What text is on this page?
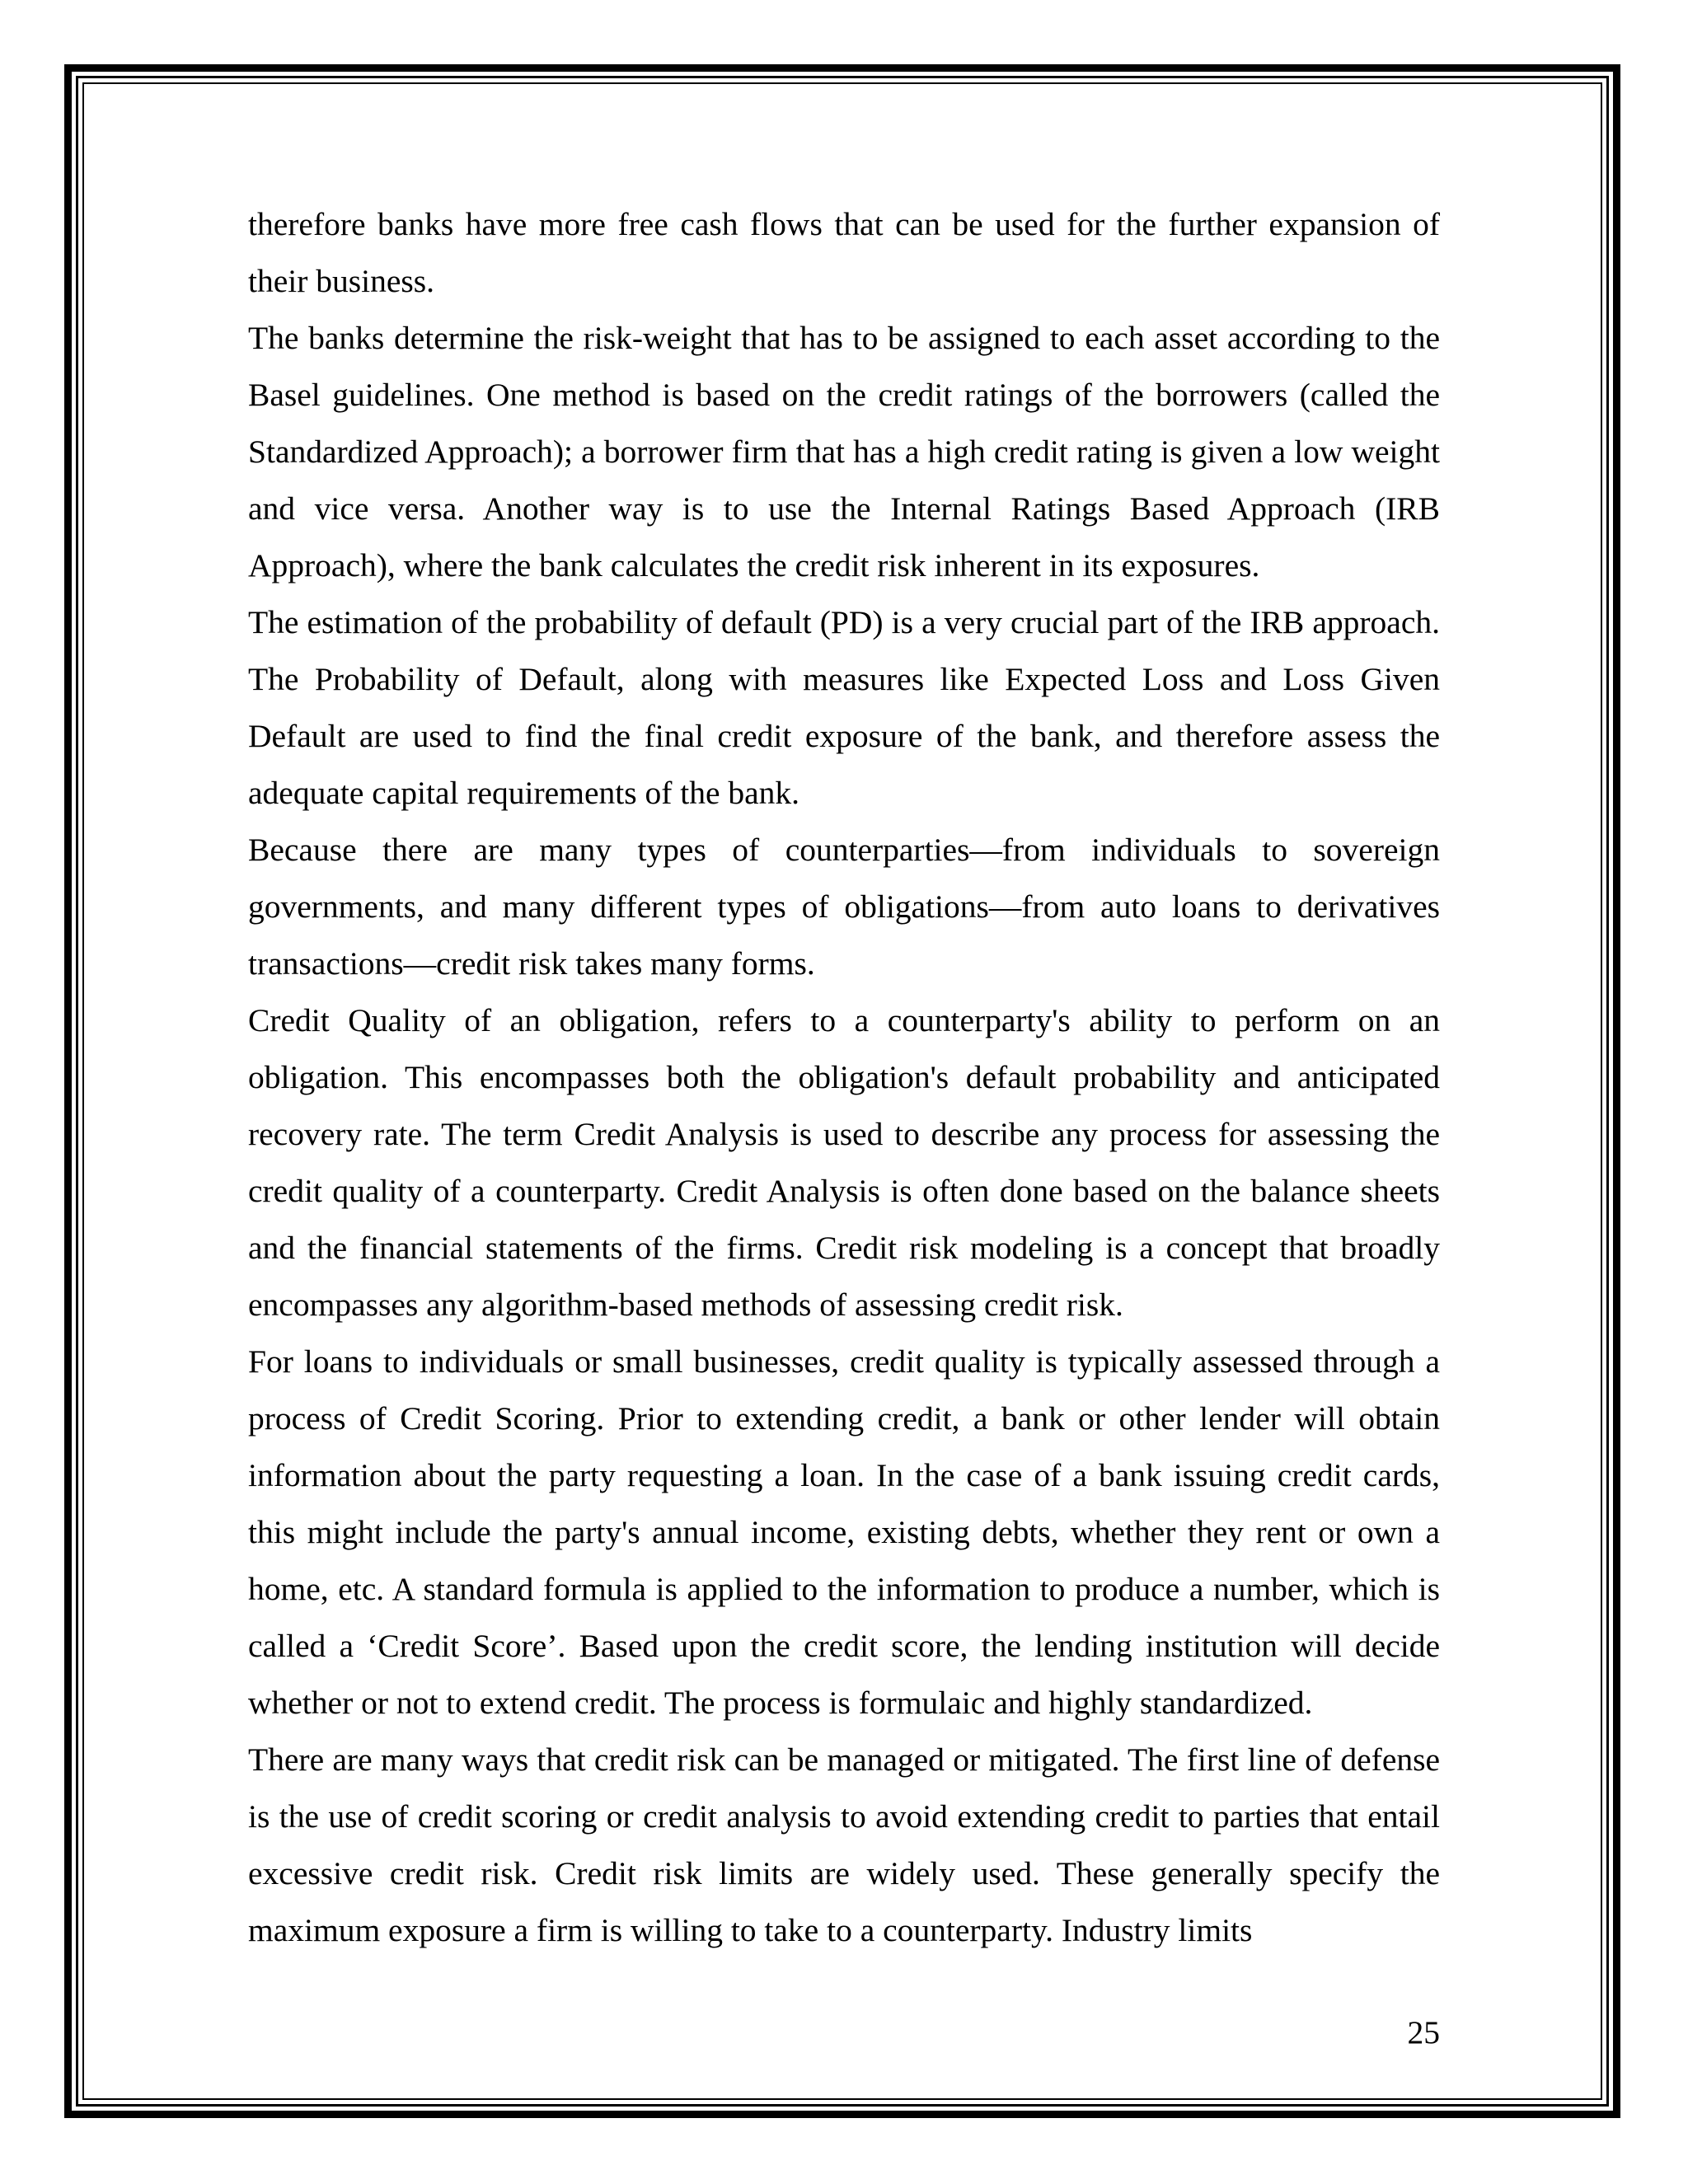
therefore banks have more free cash flows that can be used for the further expansion of their business.

The banks determine the risk-weight that has to be assigned to each asset according to the Basel guidelines. One method is based on the credit ratings of the borrowers (called the Standardized Approach); a borrower firm that has a high credit rating is given a low weight and vice versa. Another way is to use the Internal Ratings Based Approach (IRB Approach), where the bank calculates the credit risk inherent in its exposures.

The estimation of the probability of default (PD) is a very crucial part of the IRB approach. The Probability of Default, along with measures like Expected Loss and Loss Given Default are used to find the final credit exposure of the bank, and therefore assess the adequate capital requirements of the bank.

Because there are many types of counterparties—from individuals to sovereign governments, and many different types of obligations—from auto loans to derivatives transactions—credit risk takes many forms.

Credit Quality of an obligation, refers to a counterparty's ability to perform on an obligation. This encompasses both the obligation's default probability and anticipated recovery rate. The term Credit Analysis is used to describe any process for assessing the credit quality of a counterparty. Credit Analysis is often done based on the balance sheets and the financial statements of the firms. Credit risk modeling is a concept that broadly encompasses any algorithm-based methods of assessing credit risk.

For loans to individuals or small businesses, credit quality is typically assessed through a process of Credit Scoring. Prior to extending credit, a bank or other lender will obtain information about the party requesting a loan. In the case of a bank issuing credit cards, this might include the party's annual income, existing debts, whether they rent or own a home, etc. A standard formula is applied to the information to produce a number, which is called a ‘Credit Score’. Based upon the credit score, the lending institution will decide whether or not to extend credit. The process is formulaic and highly standardized.

There are many ways that credit risk can be managed or mitigated. The first line of defense is the use of credit scoring or credit analysis to avoid extending credit to parties that entail excessive credit risk. Credit risk limits are widely used. These generally specify the maximum exposure a firm is willing to take to a counterparty. Industry limits

25
